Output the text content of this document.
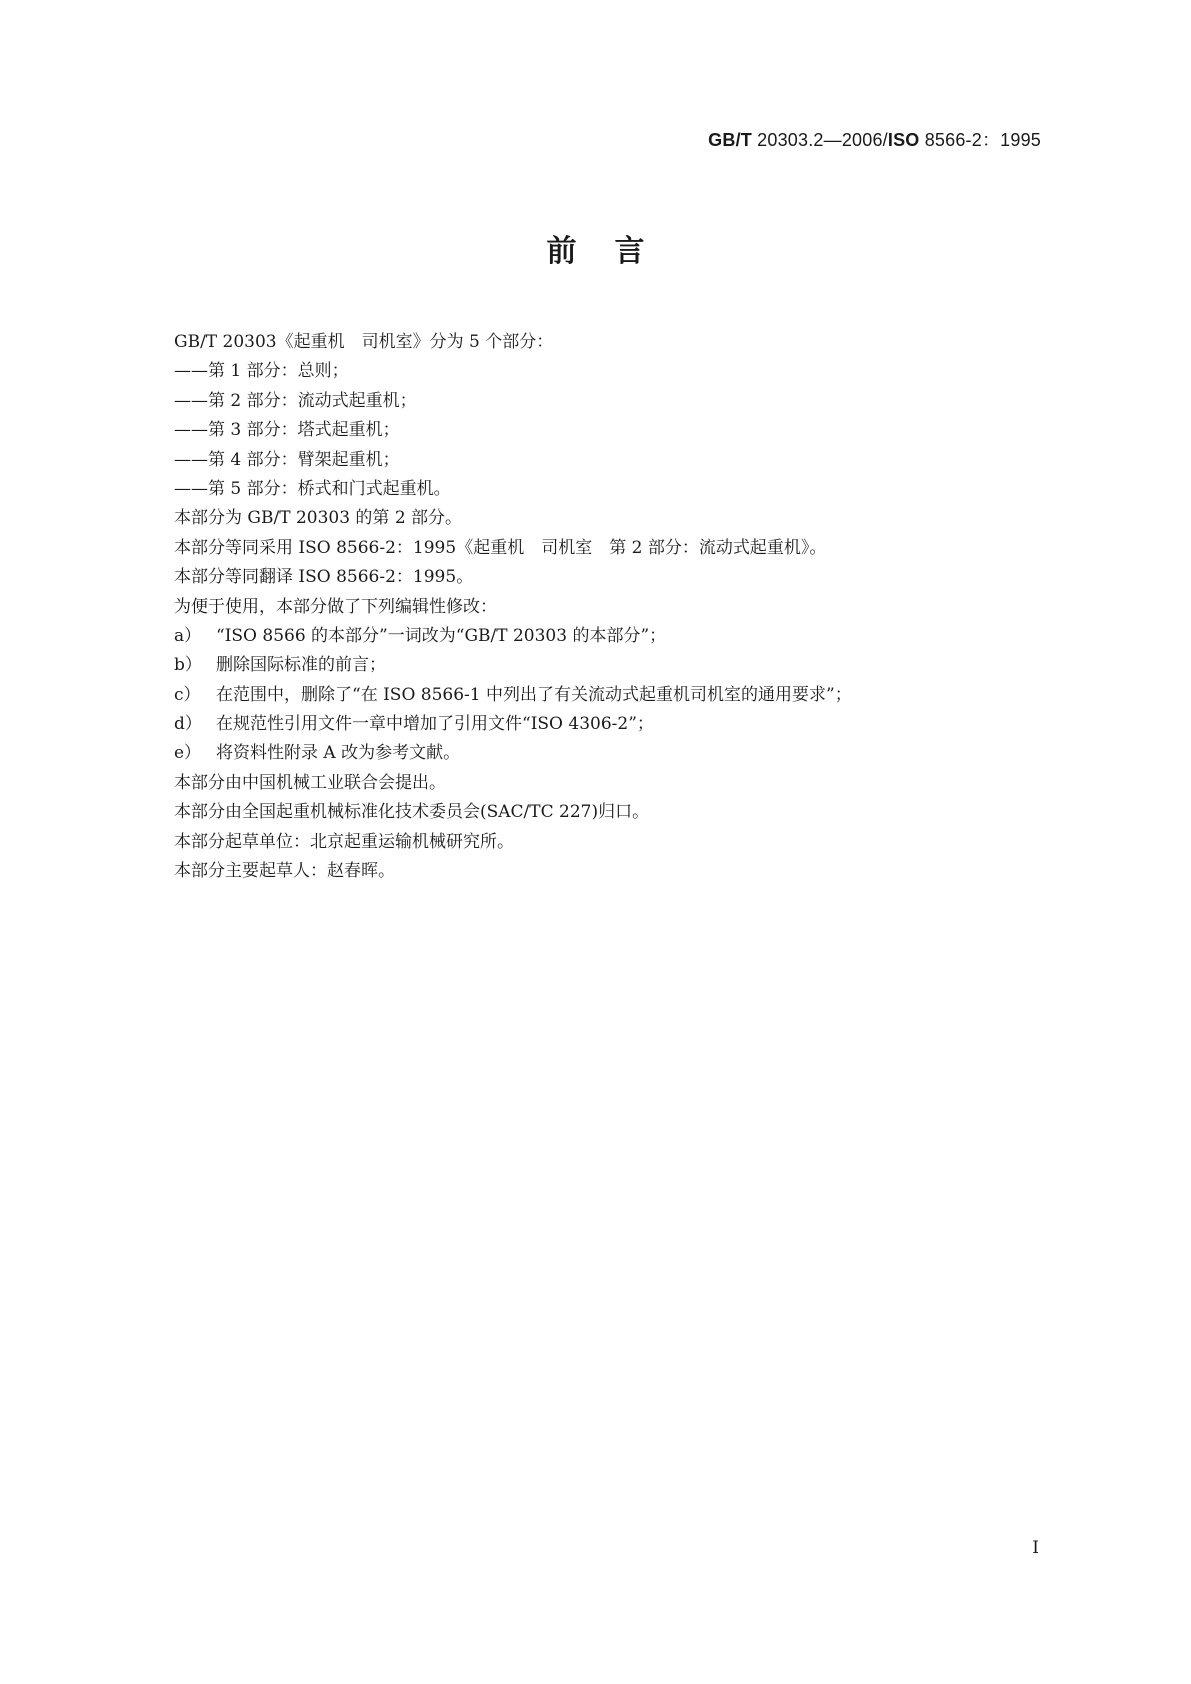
GB/T 20303.2—2006/ISO 8566-2：1995
前言
GB/T 20303《起重机　司机室》分为 5 个部分：
——第 1 部分：总则；
——第 2 部分：流动式起重机；
——第 3 部分：塔式起重机；
——第 4 部分：臂架起重机；
——第 5 部分：桥式和门式起重机。
本部分为 GB/T 20303 的第 2 部分。
本部分等同采用 ISO 8566-2：1995《起重机　司机室　第 2 部分：流动式起重机》。
本部分等同翻译 ISO 8566-2：1995。
为便于使用，本部分做了下列编辑性修改：
a） “ISO 8566 的本部分”一词改为“GB/T 20303 的本部分”；
b） 删除国际标准的前言；
c） 在范围中，删除了“在 ISO 8566-1 中列出了有关流动式起重机司机室的通用要求”；
d） 在规范性引用文件一章中增加了引用文件“ISO 4306-2”；
e） 将资料性附录 A 改为参考文献。
本部分由中国机械工业联合会提出。
本部分由全国起重机械标准化技术委员会(SAC/TC 227)归口。
本部分起草单位：北京起重运输机械研究所。
本部分主要起草人：赵春晖。
I
